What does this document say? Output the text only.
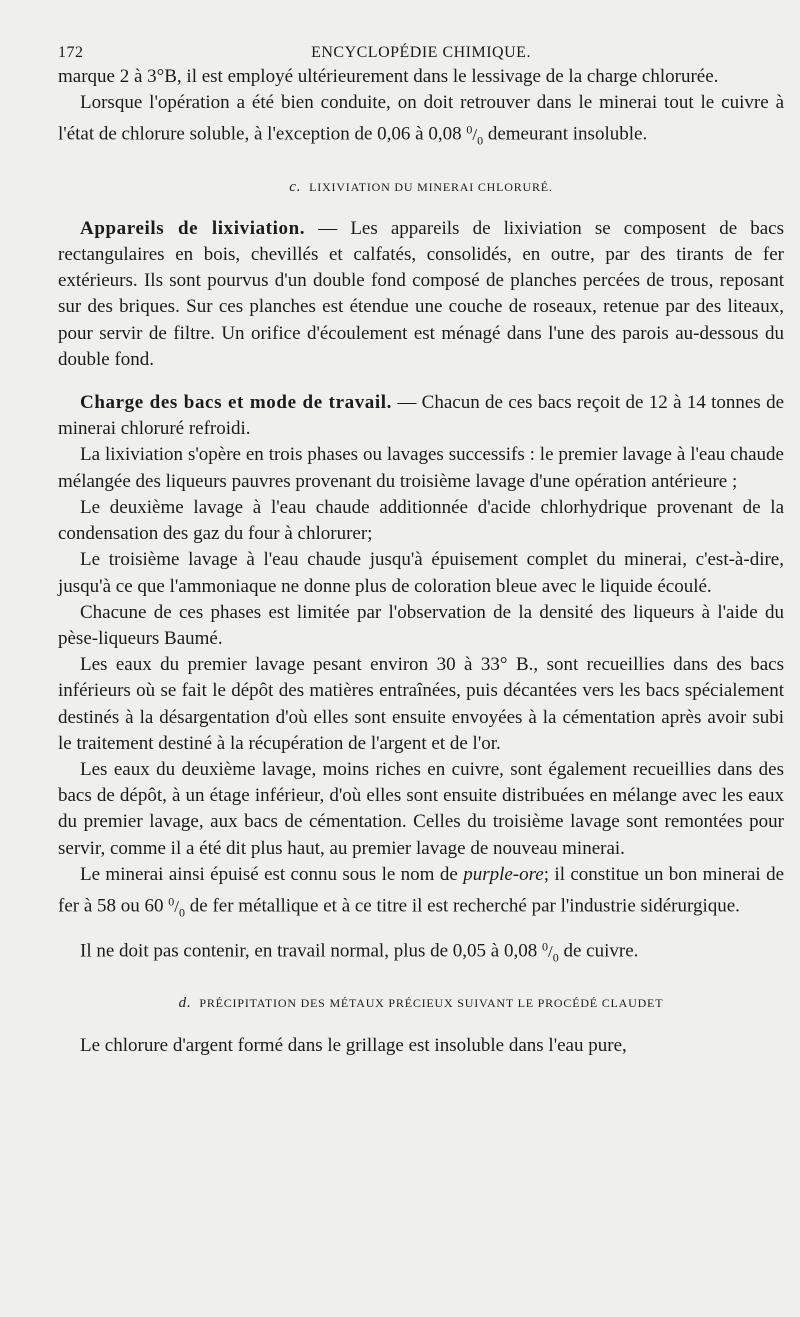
172	ENCYCLOPÉDIE CHIMIQUE.

marque 2 à 3°B, il est employé ultérieurement dans le lessivage de la charge chlorurée.

Lorsque l'opération a été bien conduite, on doit retrouver dans le minerai tout le cuivre à l'état de chlorure soluble, à l'exception de 0,06 à 0,08 $^0/_0$ demeurant insoluble.

c. LIXIVIATION DU MINERAI CHLORURÉ.

Appareils de lixiviation. — Les appareils de lixiviation se composent de bacs rectangulaires en bois, chevillés et calfatés, consolidés, en outre, par des tirants de fer extérieurs. Ils sont pourvus d'un double fond composé de planches percées de trous, reposant sur des briques. Sur ces planches est étendue une couche de roseaux, retenue par des liteaux, pour servir de filtre. Un orifice d'écoulement est ménagé dans l'une des parois au-dessous du double fond.

Charge des bacs et mode de travail. — Chacun de ces bacs reçoit de 12 à 14 tonnes de minerai chloruré refroidi.

La lixiviation s'opère en trois phases ou lavages successifs : le premier lavage à l'eau chaude mélangée des liqueurs pauvres provenant du troisième lavage d'une opération antérieure ;

Le deuxième lavage à l'eau chaude additionnée d'acide chlorhydrique provenant de la condensation des gaz du four à chlorurer;

Le troisième lavage à l'eau chaude jusqu'à épuisement complet du minerai, c'est-à-dire, jusqu'à ce que l'ammoniaque ne donne plus de coloration bleue avec le liquide écoulé.

Chacune de ces phases est limitée par l'observation de la densité des liqueurs à l'aide du pèse-liqueurs Baumé.

Les eaux du premier lavage pesant environ 30 à 33° B., sont recueillies dans des bacs inférieurs où se fait le dépôt des matières entraînées, puis décantées vers les bacs spécialement destinés à la désargentation d'où elles sont ensuite envoyées à la cémentation après avoir subi le traitement destiné à la récupération de l'argent et de l'or.

Les eaux du deuxième lavage, moins riches en cuivre, sont également recueillies dans des bacs de dépôt, à un étage inférieur, d'où elles sont ensuite distribuées en mélange avec les eaux du premier lavage, aux bacs de cémentation. Celles du troisième lavage sont remontées pour servir, comme il a été dit plus haut, au premier lavage de nouveau minerai.

Le minerai ainsi épuisé est connu sous le nom de purple-ore; il constitue un bon minerai de fer à 58 ou 60 $^0/_0$ de fer métallique et à ce titre il est recherché par l'industrie sidérurgique.

Il ne doit pas contenir, en travail normal, plus de 0,05 à 0,08 $^0/_0$ de cuivre.

d. PRÉCIPITATION DES MÉTAUX PRÉCIEUX SUIVANT LE PROCÉDÉ CLAUDET

Le chlorure d'argent formé dans le grillage est insoluble dans l'eau pure,
